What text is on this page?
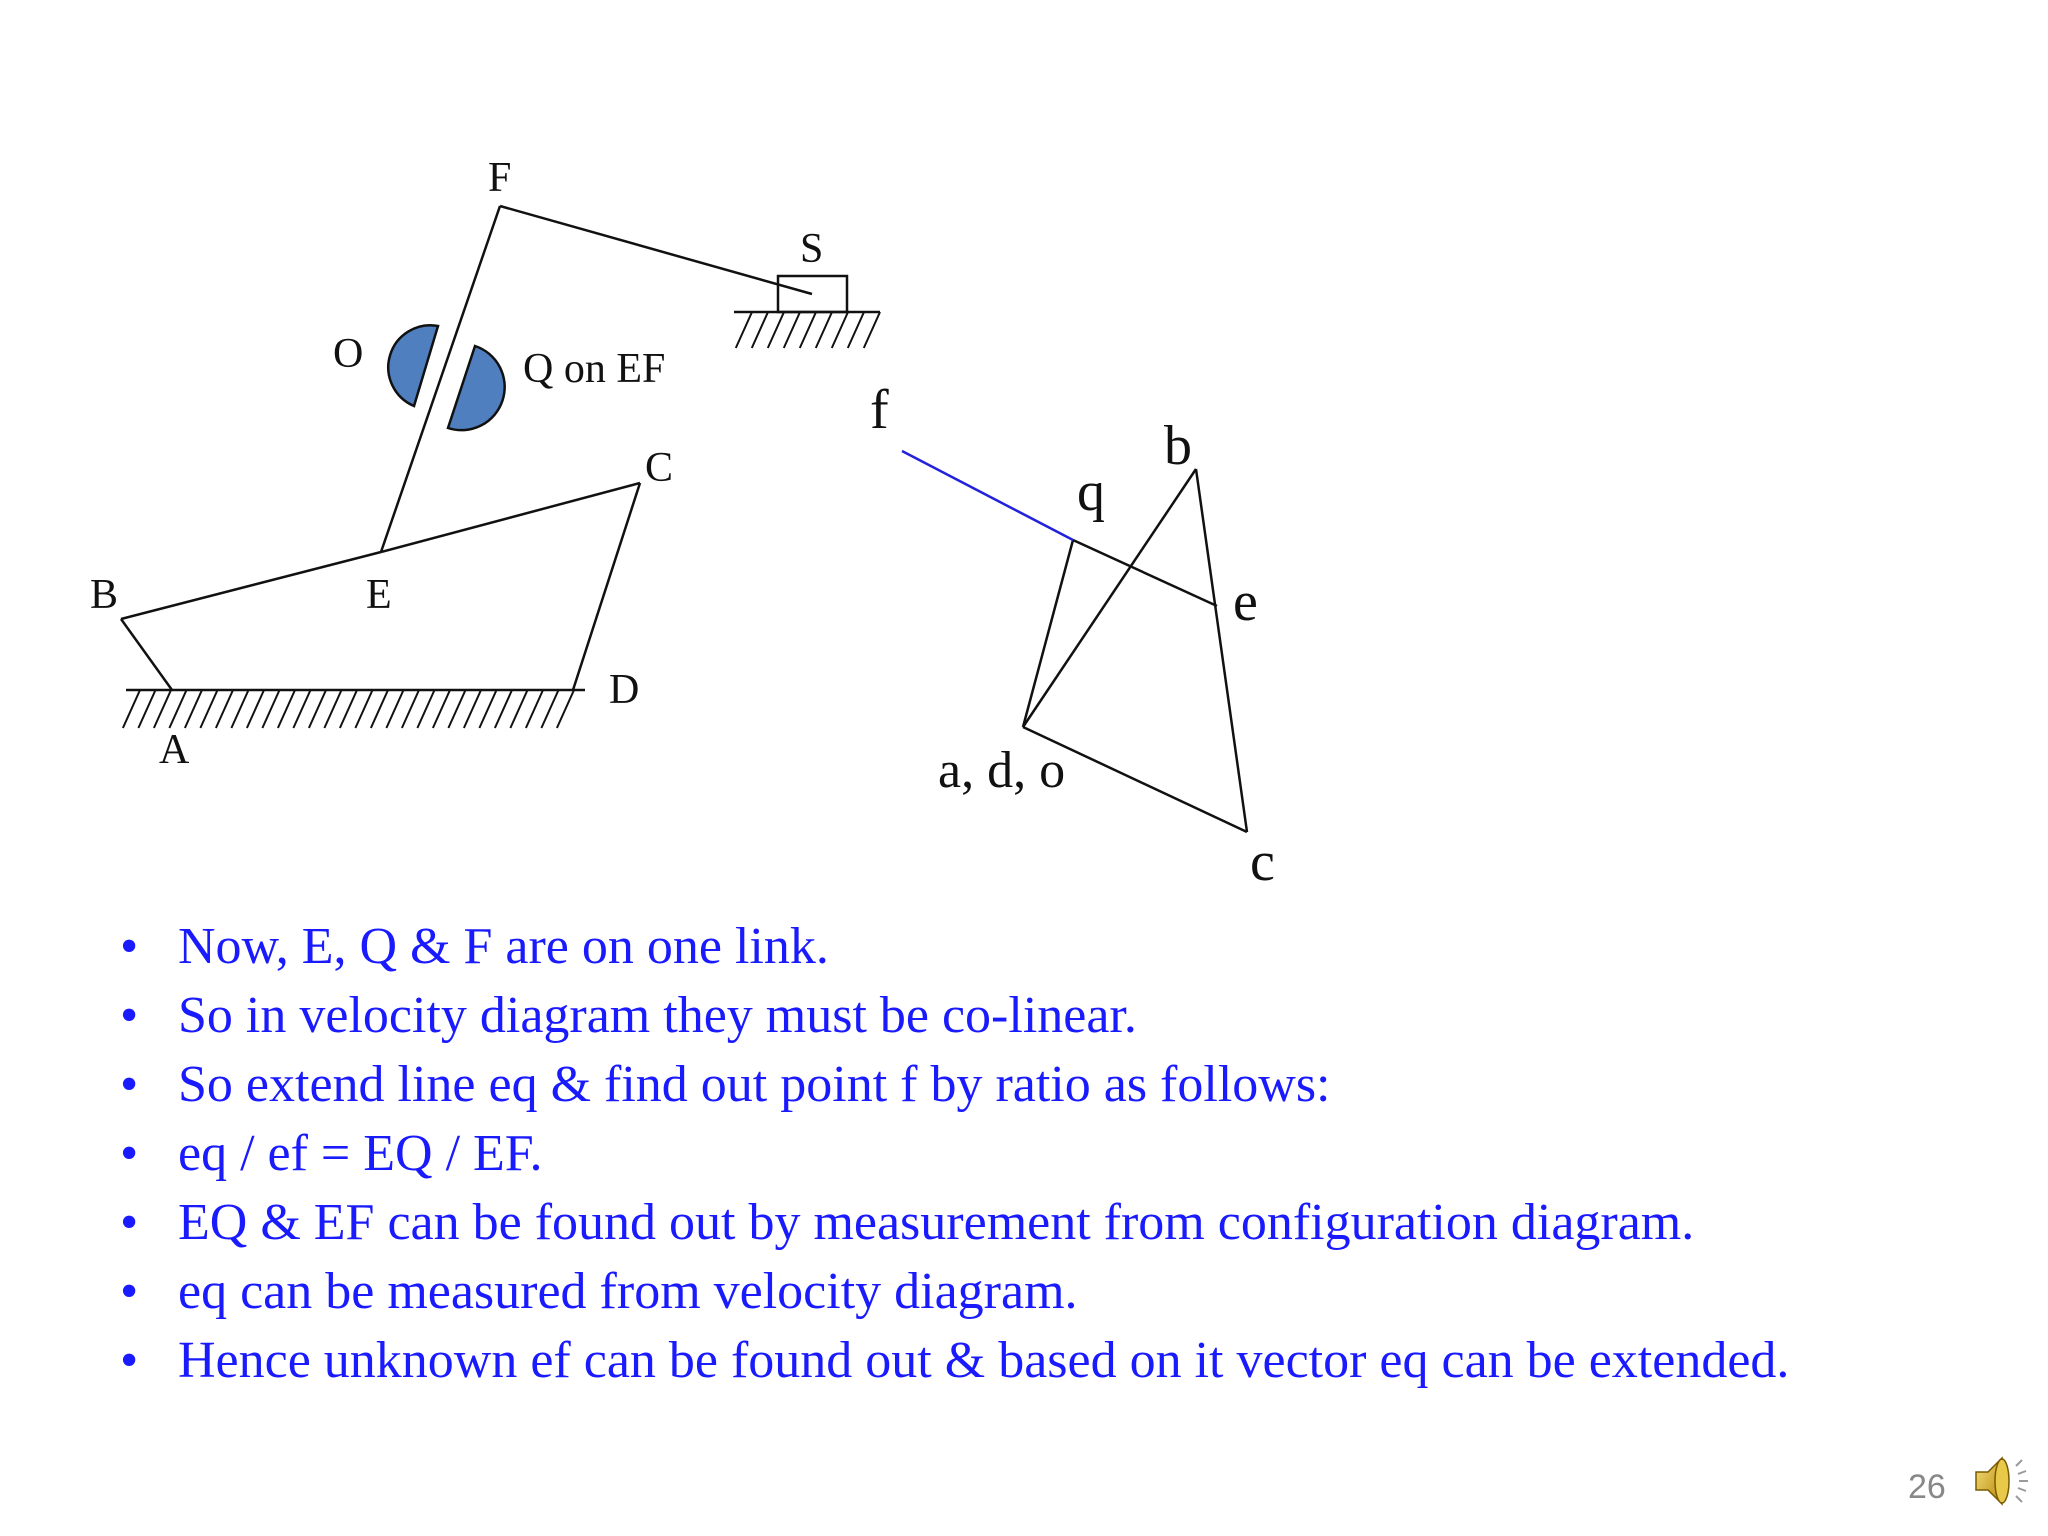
F
S
O	Q on EF
C
B	E
D
A
f
b
q
e
a, d, o
c
• Now, E, Q & F are on one link.
• So in velocity diagram they must be co-linear.
• So extend line eq & find out point f by ratio as follows:
• eq / ef = EQ / EF.
• EQ & EF can be found out by measurement from configuration diagram.
• eq can be measured from velocity diagram.
• Hence unknown ef can be found out & based on it vector eq can be extended.
26
